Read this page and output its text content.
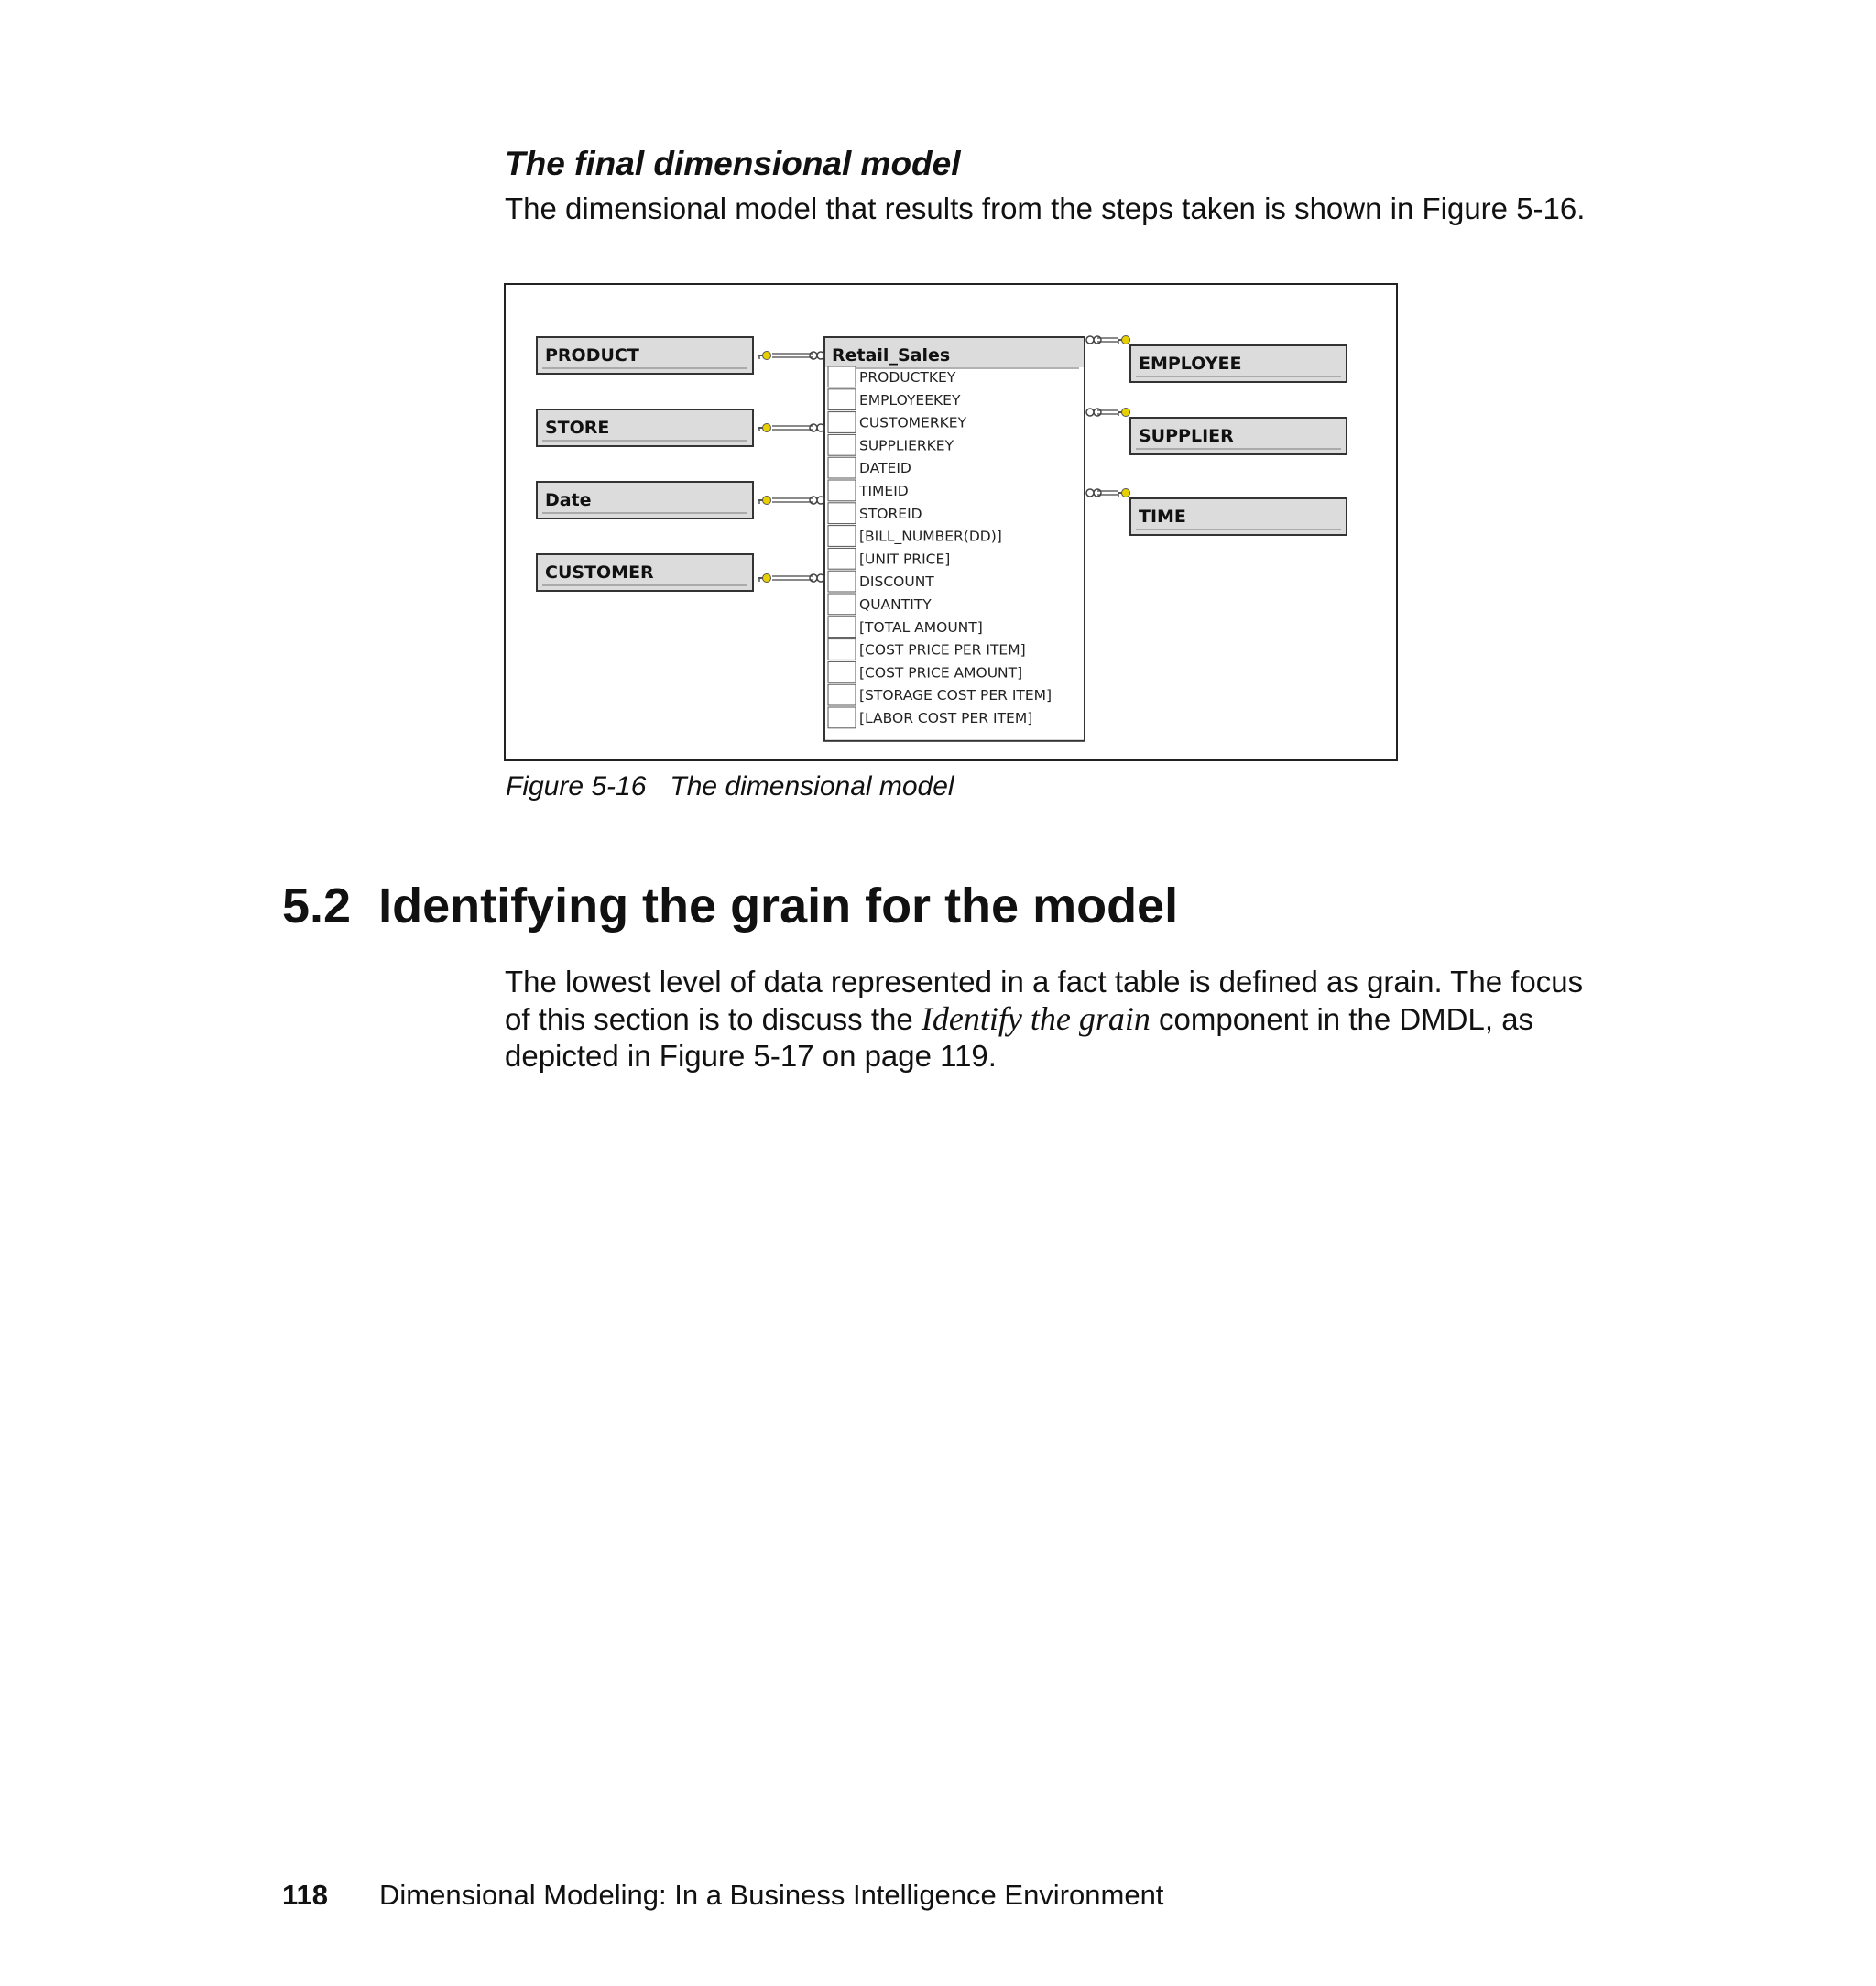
The final dimensional model

The dimensional model that results from the steps taken is shown in Figure 5-16.

Retail_Sales
PRODUCTKEY
EMPLOYEEKEY
CUSTOMERKEY
SUPPLIERKEY
DATEID
TIMEID
STOREID
[BILL_NUMBER(DD)]
[UNIT PRICE]
DISCOUNT
QUANTITY
[TOTAL AMOUNT]
[COST PRICE PER ITEM]
[COST PRICE AMOUNT]
[STORAGE COST PER ITEM]
[LABOR COST PER ITEM]
PRODUCT
STORE
Date
CUSTOMER
EMPLOYEE
SUPPLIER
TIME

Figure 5-16 The dimensional model

5.2 Identifying the grain for the model

The lowest level of data represented in a fact table is defined as grain. The focus of this section is to discuss the Identify the grain component in the DMDL, as depicted in Figure 5-17 on page 119.

118 Dimensional Modeling: In a Business Intelligence Environment
